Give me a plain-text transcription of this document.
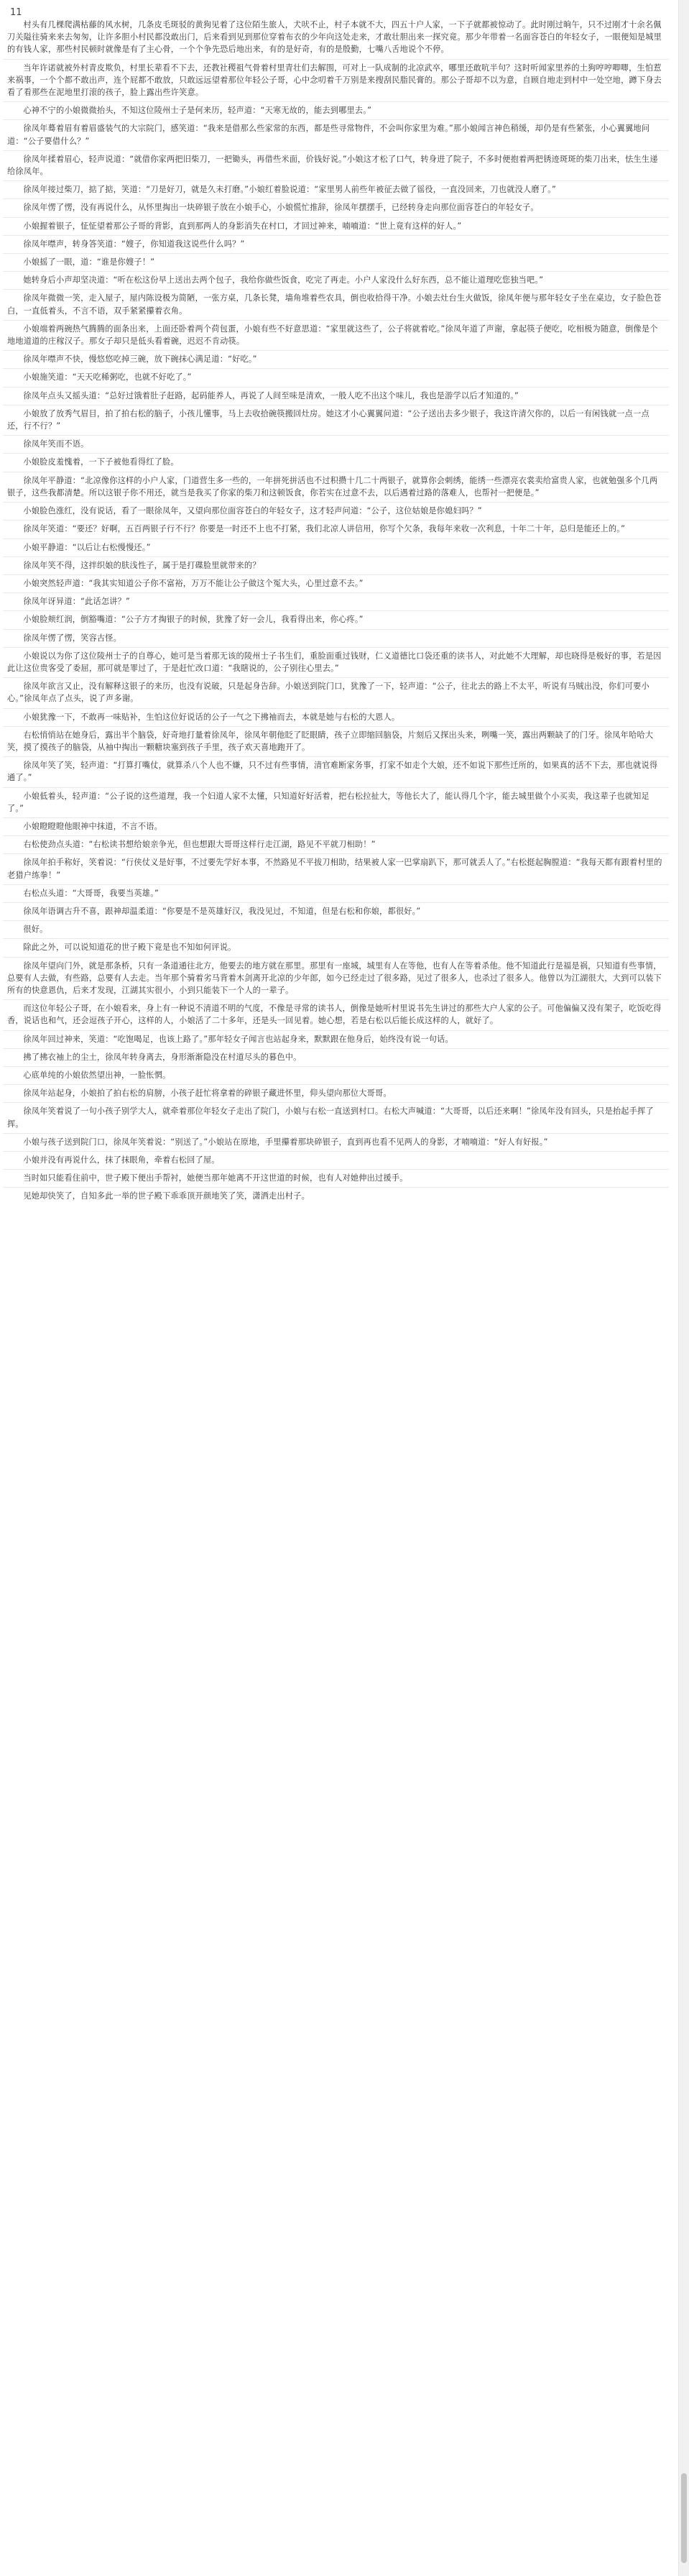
11

村头有几棵爬满枯藤的风水树，几条皮毛斑驳的黄狗见着了这位陌生旅人，犬吠不止，村子本就不大，四五十户人家，一下子就都被惊动了。此时刚过晌午，只不过刚才十余名佩刀关隘往骑来来去匆匆，让许多胆小村民都没敢出门，后来看到见到那位穿着布衣的少年向这处走来，才敢壮胆出来一探究竟。那少年带着一名面容苍白的年轻女子，一眼便知是城里的有钱人家，那些村民顿时就像是有了主心骨，一个个争先恐后地出来，有的是好奇，有的是殷勤，七嘴八舌地说个不停。

当年许诺就被外村青皮欺负，村里长辈看不下去，还教社稷祖气骨着村里青壮们去解围，可对上一队成制的北凉武卒，哪里还敢吭半句？这时听闻家里养的土狗哼哼唧唧，生怕惹来祸事，一个个都不敢出声，连个屁都不敢放，只敢远远望着那位年轻公子哥，心中念叨着千万别是来搜刮民脂民膏的。那公子哥却不以为意，自顾自地走到村中一处空地，蹲下身去看了看那些在泥地里打滚的孩子，脸上露出些许笑意。

心神不宁的小娘微微抬头，不知这位陵州士子是何来历，轻声道：“天寒无故的，能去到哪里去。”

徐凤年蓦着眉有着眉盛装气的大宗院门，感笑道：“我来是借那么些家常的东西，都是些寻常物件，不会叫你家里为难。”那小娘闻言神色稍缓，却仍是有些紧张，小心翼翼地问道：“公子要借什么？”

徐凤年揉着眉心，轻声说道：“就借你家两把旧柴刀，一把锄头，再借些米面，价钱好说。”小娘这才松了口气，转身进了院子，不多时便抱着两把锈迹斑斑的柴刀出来，怯生生递给徐凤年。

徐凤年接过柴刀，掂了掂，笑道：“刀是好刀，就是久未打磨。”小娘红着脸说道：“家里男人前些年被征去做了徭役，一直没回来，刀也就没人磨了。”

徐凤年愣了愣，没有再说什么，从怀里掏出一块碎银子放在小娘手心，小娘慌忙推辞，徐凤年摆摆手，已经转身走向那位面容苍白的年轻女子。

小娘握着银子，怔怔望着那公子哥的背影，直到那两人的身影消失在村口，才回过神来，喃喃道：“世上竟有这样的好人。”

徐凤年噤声，转身答笑道：“嫂子，你知道我这说些什么吗？”

小娘摇了一眼，道：“谁是你嫂子！”

她转身后小声却坚决道：“听在松这份早上送出去两个包子，我给你做些饭食，吃完了再走。小户人家没什么好东西，总不能让道理吃您独当吧。”

徐凤年微微一笑，走入屋子，屋内陈设极为简陋，一张方桌，几条长凳，墙角堆着些农具，倒也收拾得干净。小娘去灶台生火做饭，徐凤年便与那年轻女子坐在桌边，女子脸色苍白，一直低着头，不言不语，双手紧紧攥着衣角。

小娘端着两碗热气腾腾的面条出来，上面还卧着两个荷包蛋，小娘有些不好意思道：“家里就这些了，公子将就着吃。”徐凤年道了声谢，拿起筷子便吃，吃相极为随意，倒像是个地地道道的庄稼汉子。那女子却只是低头看着碗，迟迟不肯动筷。

徐凤年噤声不快，慢悠悠吃掉三碗，放下碗抹心满足道：“好吃。”

小娘施笑道：“天天吃稀粥吃，也就不好吃了。”

徐凤年点头又摇头道：“总好过饿着肚子赶路，起码能养人，再说了人间至味是清欢，一般人吃不出这个味儿，我也是游学以后才知道的。”

小娘放了放秀气眉目，拍了拍右松的脑子，小孩儿懂事，马上去收拾碗筷搬回灶房。她这才小心翼翼问道：“公子送出去多少银子，我这许清欠你的，以后一有闲钱就一点一点还，行不行？”

徐凤年笑而不语。

小娘脸皮羞愧着，一下子被他看得红了脸。

徐凤年平静道：“北凉像你这样的小户人家，门道营生多一些的，一年拼死拼活也不过积攒十几二十两银子，就算你会刺绣，能绣一些漂亮衣裳卖给富贵人家，也就勉强多个几两银子，这些我都清楚。所以这银子你不用还，就当是我买了你家的柴刀和这顿饭食，你若实在过意不去，以后遇着过路的落难人，也帮衬一把便是。”

小娘脸色涨红，没有说话，看了一眼徐凤年，又望向那位面容苍白的年轻女子，这才轻声问道：“公子，这位姑娘是你媳妇吗？”

徐凤年笑道：“要还？好啊，五百两银子行不行？你要是一时还不上也不打紧，我们北凉人讲信用，你写个欠条，我每年来收一次利息，十年二十年，总归是能还上的。”

小娘平静道：“以后让右松慢慢还。”

徐凤年笑不得，这拌织娘的肤浅性子，属于是打碟脸里就带来的？

小娘突然轻声道：“我其实知道公子你不富裕，万万不能让公子做这个冤大头，心里过意不去。”

徐凤年讶异道：“此话怎讲？”

小娘脸颊红润，倒豁嘴道：“公子方才掏银子的时候，犹豫了好一会儿，我看得出来，你心疼。”

徐凤年愣了愣，笑容古怪。

小娘说以为你了这位陵州士子的自尊心，她可是当着那无该的陵州士子书生们，重脸面重过钱财，仁义道德比口袋还重的读书人，对此她不大理解，却也晓得是极好的事，若是因此让这位贵客受了委屈，那可就是罪过了，于是赶忙改口道：“我瞎说的，公子别往心里去。”

徐凤年欲言又止，没有解释这银子的来历，也没有说破，只是起身告辞。小娘送到院门口，犹豫了一下，轻声道：“公子，往北去的路上不太平，听说有马贼出没，你们可要小心。”徐凤年点了点头，说了声多谢。

小娘犹豫一下，不敢再一味贴补，生怕这位好说话的公子一气之下拂袖而去，本就是她与右松的大恩人。

右松悄悄站在她身后，露出半个脑袋，好奇地打量着徐凤年，徐凤年朝他眨了眨眼睛，孩子立即缩回脑袋，片刻后又探出头来，咧嘴一笑，露出两颗缺了的门牙。徐凤年哈哈大笑，摸了摸孩子的脑袋，从袖中掏出一颗糖块塞到孩子手里，孩子欢天喜地跑开了。

徐凤年笑了笑，轻声道：“打算打嘴仗，就算杀八个人也不嫌，只不过有些事情，清官难断家务事，打家不如走个大娘，还不如说下那些迁所的，如果真的活不下去，那也就说得通了。”

小娘低着头，轻声道：“公子说的这些道理，我一个妇道人家不太懂，只知道好好活着，把右松拉扯大，等他长大了，能认得几个字，能去城里做个小买卖，我这辈子也就知足了。”

小娘瞪瞪瞪他眼神中抹道，不言不语。

右松使劲点头道：“右松读书想给娘亲争光，但也想跟大哥哥这样行走江湖，路见不平就刀相助！”

徐凤年拍手称好，笑着说：“行侠仗义是好事，不过要先学好本事，不然路见不平拔刀相助，结果被人家一巴掌扇趴下，那可就丢人了。”右松挺起胸膛道：“我每天都有跟着村里的老猎户练拳！”

右松点头道：“大哥哥，我要当英雄。”

徐凤年语调古升不喜，跟神却温柔道：“你要是不是英雄好汉，我没见过，不知道，但是右松和你娘，都很好。”

很好。

除此之外，可以说知道花的世子殿下竟是也不知如何评说。

徐凤年望向门外，就是那条桥，只有一条道通往北方，他要去的地方就在那里。那里有一座城，城里有人在等他，也有人在等着杀他。他不知道此行是福是祸，只知道有些事情，总要有人去做，有些路，总要有人去走。当年那个骑着劣马背着木剑离开北凉的少年郎，如今已经走过了很多路，见过了很多人，也杀过了很多人。他曾以为江湖很大，大到可以装下所有的快意恩仇，后来才发现，江湖其实很小，小到只能装下一个人的一辈子。

而这位年轻公子哥，在小娘看来，身上有一种说不清道不明的气度，不像是寻常的读书人，倒像是她听村里说书先生讲过的那些大户人家的公子。可他偏偏又没有架子，吃饭吃得香，说话也和气，还会逗孩子开心，这样的人，小娘活了二十多年，还是头一回见着。她心想，若是右松以后能长成这样的人，就好了。

徐凤年回过神来，笑道：“吃饱喝足，也该上路了。”那年轻女子闻言也站起身来，默默跟在他身后，始终没有说一句话。

拂了拂衣袖上的尘土，徐凤年转身离去，身形渐渐隐没在村道尽头的暮色中。

心底单纯的小娘依然望出神，一脸怅惘。

徐凤年站起身，小娘拍了拍右松的肩膀，小孩子赶忙将拿着的碎银子藏进怀里，仰头望向那位大哥哥。

徐凤年笑着说了一句小孩子别学大人，就牵着那位年轻女子走出了院门，小娘与右松一直送到村口。右松大声喊道：“大哥哥，以后还来啊！”徐凤年没有回头，只是抬起手挥了挥。

小娘与孩子送到院门口，徐凤年笑着说：“别送了。”小娘站在原地，手里攥着那块碎银子，直到再也看不见两人的身影，才喃喃道：“好人有好报。”

小娘并没有再说什么，抹了抹眼角，牵着右松回了屋。

当时如只能看住前中，世子殿下便出手帮衬，她便当那年她离不开这世道的时候，也有人对她伸出过援手。

见她却快笑了，自知多此一举的世子殿下乖乖顶开颜地笑了笑，潇洒走出村子。
